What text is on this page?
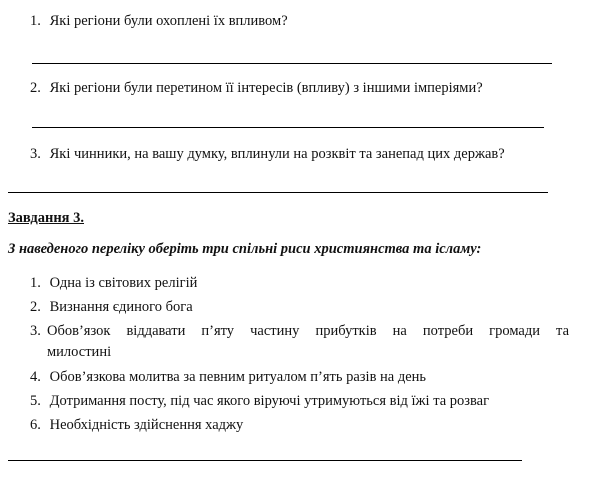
1. Які регіони були охоплені їх впливом?
2. Які регіони були перетином її інтересів (впливу) з іншими імперіями?
3. Які чинники, на вашу думку, вплинули на розквіт та занепад цих держав?
Завдання 3.
З наведеного переліку оберіть три спільні риси християнства та ісламу:
1. Одна із світових релігій
2. Визнання єдиного бога
3. Обов’язок віддавати п’яту частину прибутків на потреби громади та
милостині
4. Обов’язкова молитва за певним ритуалом п’ять разів на день
5. Дотримання посту, під час якого віруючі утримуються від їжі та розваг
6. Необхідність здійснення хаджу
